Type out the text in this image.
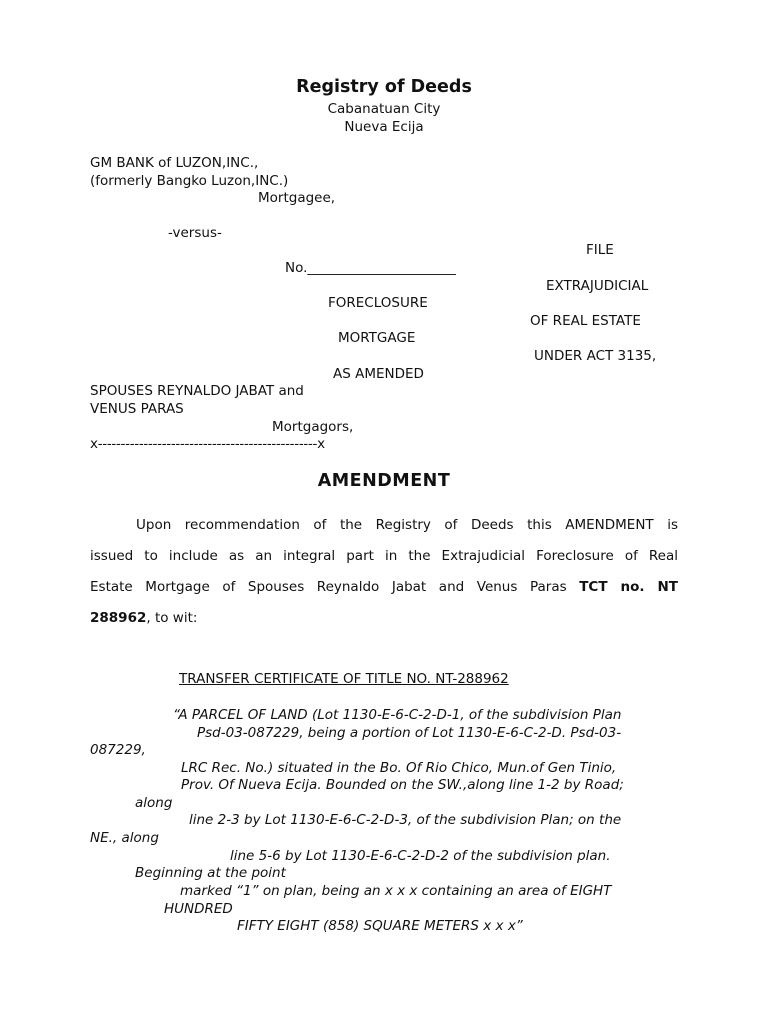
Registry of Deeds
Cabanatuan City
Nueva Ecija
GM BANK of LUZON,INC.,
(formerly Bangko Luzon,INC.)
Mortgagee,
-versus-
FILE
No.______________________
EXTRAJUDICIAL
FORECLOSURE
OF REAL ESTATE
MORTGAGE
UNDER ACT 3135,
AS AMENDED
SPOUSES REYNALDO JABAT and
VENUS PARAS
Mortgagors,
x------------------------------------------------x
AMENDMENT
Upon recommendation of the Registry of Deeds this AMENDMENT is
issued to include as an integral part in the Extrajudicial Foreclosure of Real
Estate Mortgage of Spouses Reynaldo Jabat and Venus Paras TCT no. NT
288962, to wit:
TRANSFER CERTIFICATE OF TITLE NO. NT-288962
“A PARCEL OF LAND (Lot 1130-E-6-C-2-D-1, of the subdivision Plan
Psd-03-087229, being a portion of Lot 1130-E-6-C-2-D. Psd-03-
087229,
LRC Rec. No.) situated in the Bo. Of Rio Chico, Mun.of Gen Tinio,
Prov. Of Nueva Ecija. Bounded on the SW.,along line 1-2 by Road;
along
line 2-3 by Lot 1130-E-6-C-2-D-3, of the subdivision Plan; on the
NE., along
line 5-6 by Lot 1130-E-6-C-2-D-2 of the subdivision plan.
Beginning at the point
marked “1” on plan, being an x x x containing an area of EIGHT
HUNDRED
FIFTY EIGHT (858) SQUARE METERS x x x”
